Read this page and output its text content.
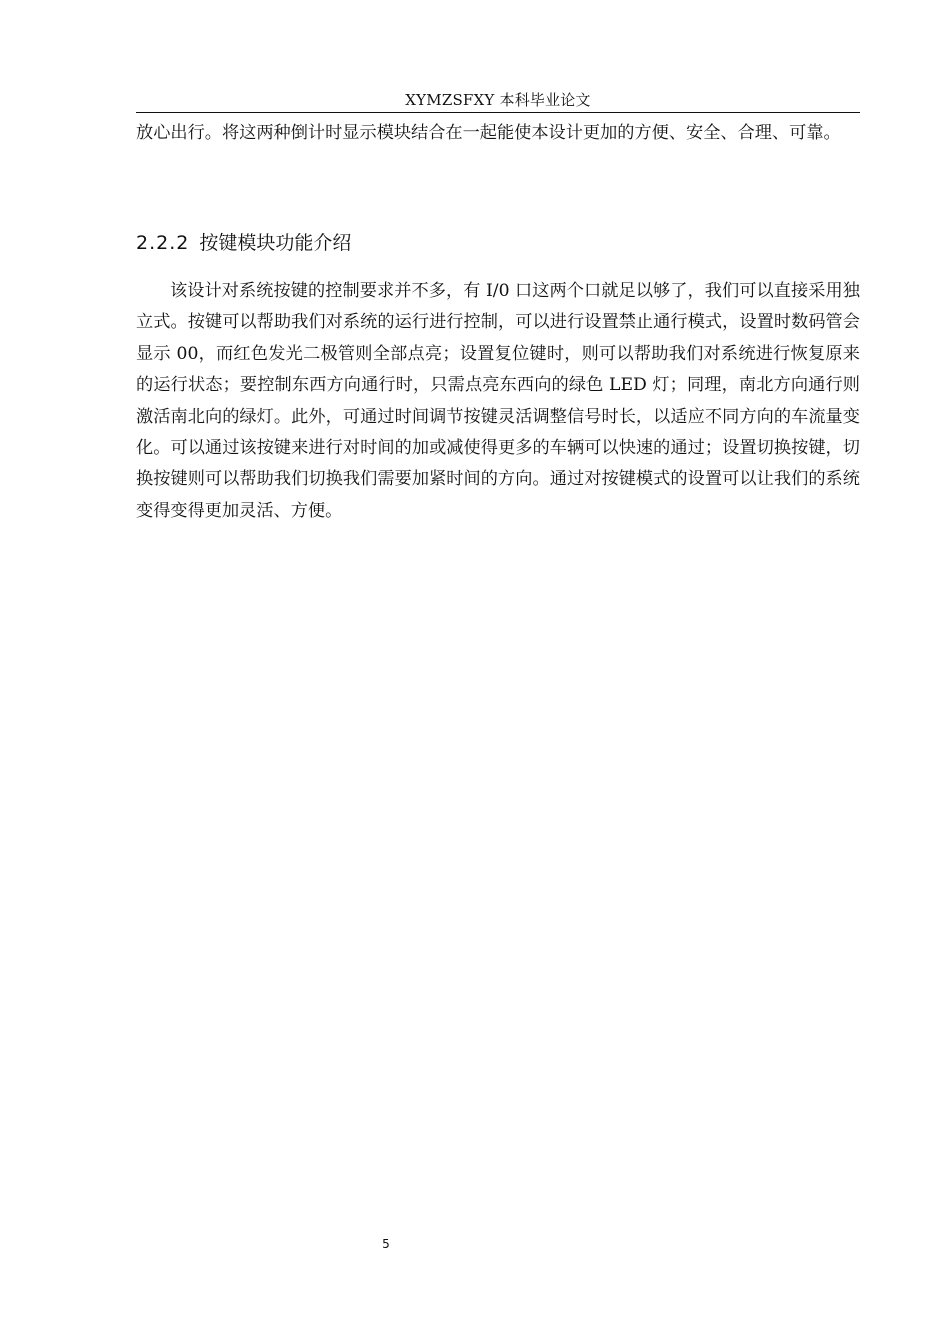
XYMZSFXY 本科毕业论文

放心出行。将这两种倒计时显示模块结合在一起能使本设计更加的方便、安全、合理、可靠。

2.2.2 按键模块功能介绍

该设计对系统按键的控制要求并不多，有 I/0 口这两个口就足以够了，我们可以直接采用独立式。按键可以帮助我们对系统的运行进行控制，可以进行设置禁止通行模式，设置时数码管会显示 00，而红色发光二极管则全部点亮；设置复位键时，则可以帮助我们对系统进行恢复原来的运行状态；要控制东西方向通行时，只需点亮东西向的绿色 LED 灯；同理，南北方向通行则激活南北向的绿灯。此外，可通过时间调节按键灵活调整信号时长，以适应不同方向的车流量变化。可以通过该按键来进行对时间的加或减使得更多的车辆可以快速的通过；设置切换按键，切换按键则可以帮助我们切换我们需要加紧时间的方向。通过对按键模式的设置可以让我们的系统变得变得更加灵活、方便。

5
